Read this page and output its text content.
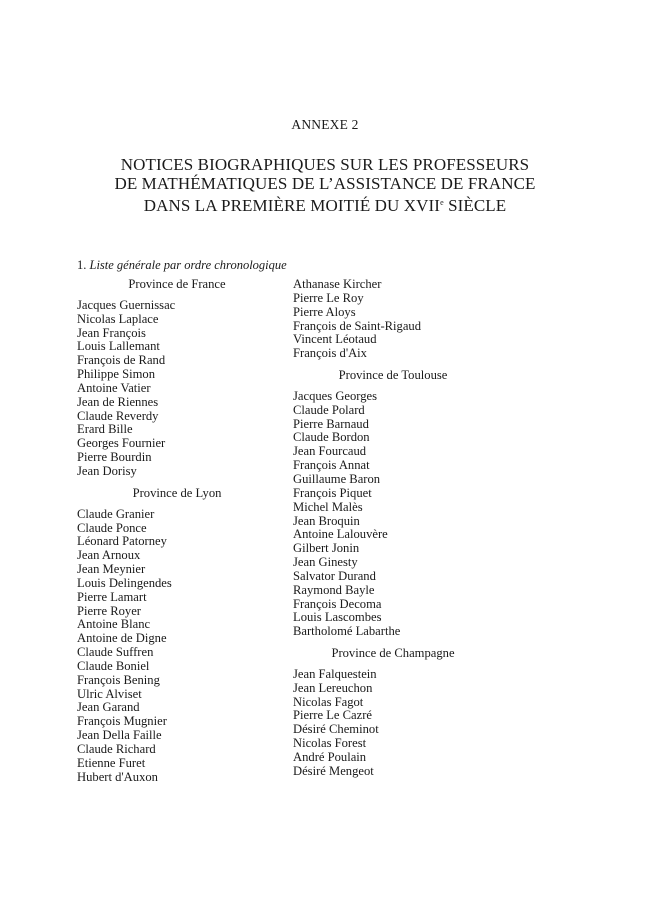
ANNEXE 2
NOTICES BIOGRAPHIQUES SUR LES PROFESSEURS
DE MATHÉMATIQUES DE L’ASSISTANCE DE FRANCE
DANS LA PREMIÈRE MOITIÉ DU XVIIe SIÈCLE
1. Liste générale par ordre chronologique
Province de France
Jacques Guernissac
Nicolas Laplace
Jean François
Louis Lallemant
François de Rand
Philippe Simon
Antoine Vatier
Jean de Riennes
Claude Reverdy
Erard Bille
Georges Fournier
Pierre Bourdin
Jean Dorisy
Province de Lyon
Claude Granier
Claude Ponce
Léonard Patorney
Jean Arnoux
Jean Meynier
Louis Delingendes
Pierre Lamart
Pierre Royer
Antoine Blanc
Antoine de Digne
Claude Suffren
Claude Boniel
François Bening
Ulric Alviset
Jean Garand
François Mugnier
Jean Della Faille
Claude Richard
Etienne Furet
Hubert d'Auxon
Athanase Kircher
Pierre Le Roy
Pierre Aloys
François de Saint-Rigaud
Vincent Léotaud
François d'Aix
Province de Toulouse
Jacques Georges
Claude Polard
Pierre Barnaud
Claude Bordon
Jean Fourcaud
François Annat
Guillaume Baron
François Piquet
Michel Malès
Jean Broquin
Antoine Lalouvère
Gilbert Jonin
Jean Ginesty
Salvator Durand
Raymond Bayle
François Decoma
Louis Lascombes
Bartholomé Labarthe
Province de Champagne
Jean Falquestein
Jean Lereuchon
Nicolas Fagot
Pierre Le Cazré
Désiré Cheminot
Nicolas Forest
André Poulain
Désiré Mengeot
